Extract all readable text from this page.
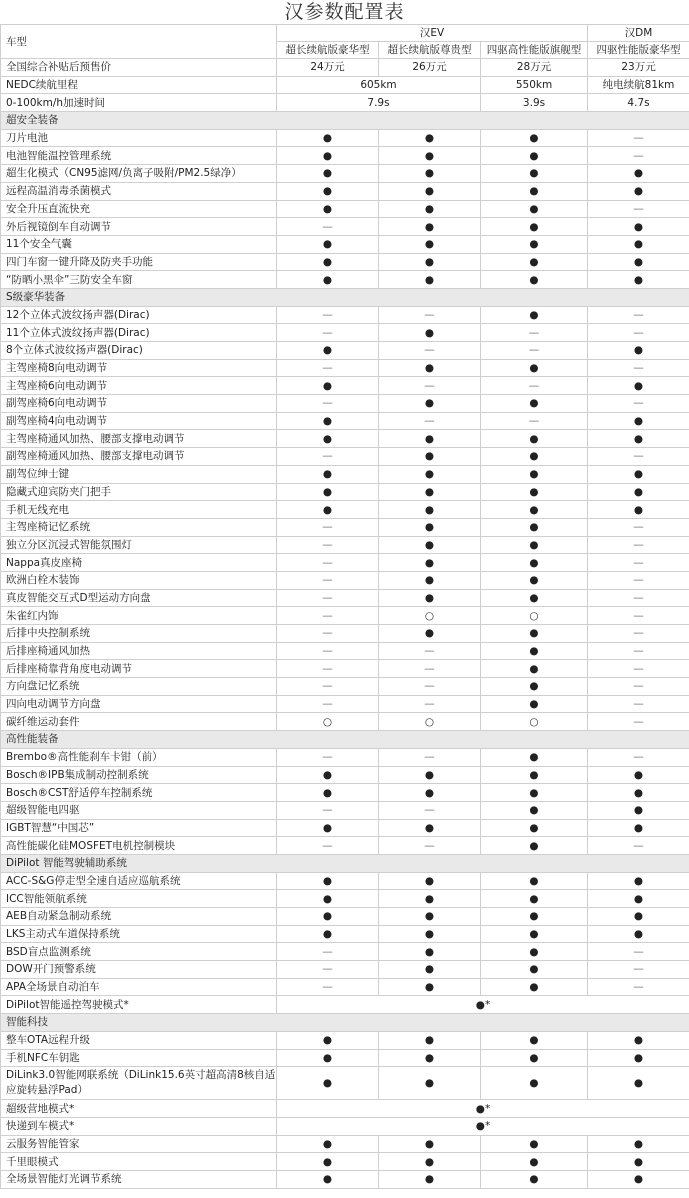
汉参数配置表
车型	汉EV			汉DM
	超长续航版豪华型	超长续航版尊贵型	四驱高性能版旗舰型	四驱性能版豪华型
全国综合补贴后预售价	24万元	26万元	28万元	23万元
NEDC续航里程	605km		550km	纯电续航81km
0-100km/h加速时间	7.9s		3.9s	4.7s
超安全装备				
刀片电池	●	●	●	—
电池智能温控管理系统	●	●	●	—
超生化模式（CN95滤网/负离子吸附/PM2.5绿净）	●	●	●	●
远程高温消毒杀菌模式	●	●	●	●
安全升压直流快充	●	●	●	—
外后视镜倒车自动调节	—	●	●	●
11个安全气囊	●	●	●	●
四门车窗一键升降及防夹手功能	●	●	●	●
“防晒小黑伞”三防安全车窗	●	●	●	●
S级豪华装备				
12个立体式波纹扬声器(Dirac)	—	—	●	—
11个立体式波纹扬声器(Dirac)	—	●	—	—
8个立体式波纹扬声器(Dirac)	●	—	—	●
主驾座椅8向电动调节	—	●	●	—
主驾座椅6向电动调节	●	—	—	●
副驾座椅6向电动调节	—	●	●	—
副驾座椅4向电动调节	●	—	—	●
主驾座椅通风加热、腰部支撑电动调节	●	●	●	●
副驾座椅通风加热、腰部支撑电动调节	—	●	●	—
副驾位绅士键	●	●	●	●
隐藏式迎宾防夹门把手	●	●	●	●
手机无线充电	●	●	●	●
主驾座椅记忆系统	—	●	●	—
独立分区沉浸式智能氛围灯	—	●	●	—
Nappa真皮座椅	—	●	●	—
欧洲白栓木装饰	—	●	●	—
真皮智能交互式D型运动方向盘	—	●	●	—
朱雀红内饰	—	○	○	—
后排中央控制系统	—	●	●	—
后排座椅通风加热	—	—	●	—
后排座椅靠背角度电动调节	—	—	●	—
方向盘记忆系统	—	—	●	—
四向电动调节方向盘	—	—	●	—
碳纤维运动套件	○	○	○	—
高性能装备				
Brembo®高性能刹车卡钳（前）	—	—	●	—
Bosch®IPB集成制动控制系统	●	●	●	●
Bosch®CST舒适停车控制系统	●	●	●	●
超级智能电四驱	—	—	●	●
IGBT智慧“中国芯”	●	●	●	●
高性能碳化硅MOSFET电机控制模块	—	—	●	—
DiPilot 智能驾驶辅助系统				
ACC-S&G停走型全速自适应巡航系统	●	●	●	●
ICC智能领航系统	●	●	●	●
AEB自动紧急制动系统	●	●	●	●
LKS主动式车道保持系统	●	●	●	●
BSD盲点监测系统	—	●	●	—
DOW开门预警系统	—	●	●	—
APA全场景自动泊车	—	●	●	—
DiPilot智能遥控驾驶模式*	●*			
智能科技				
整车OTA远程升级	●	●	●	●
手机NFC车钥匙	●	●	●	●
DiLink3.0智能网联系统（DiLink15.6英寸超高清8核自适应旋转悬浮Pad）	●	●	●	●
超级营地模式*	●*			
快递到车模式*	●*			
云服务智能管家	●	●	●	●
千里眼模式	●	●	●	●
全场景智能灯光调节系统	●	●	●	●
